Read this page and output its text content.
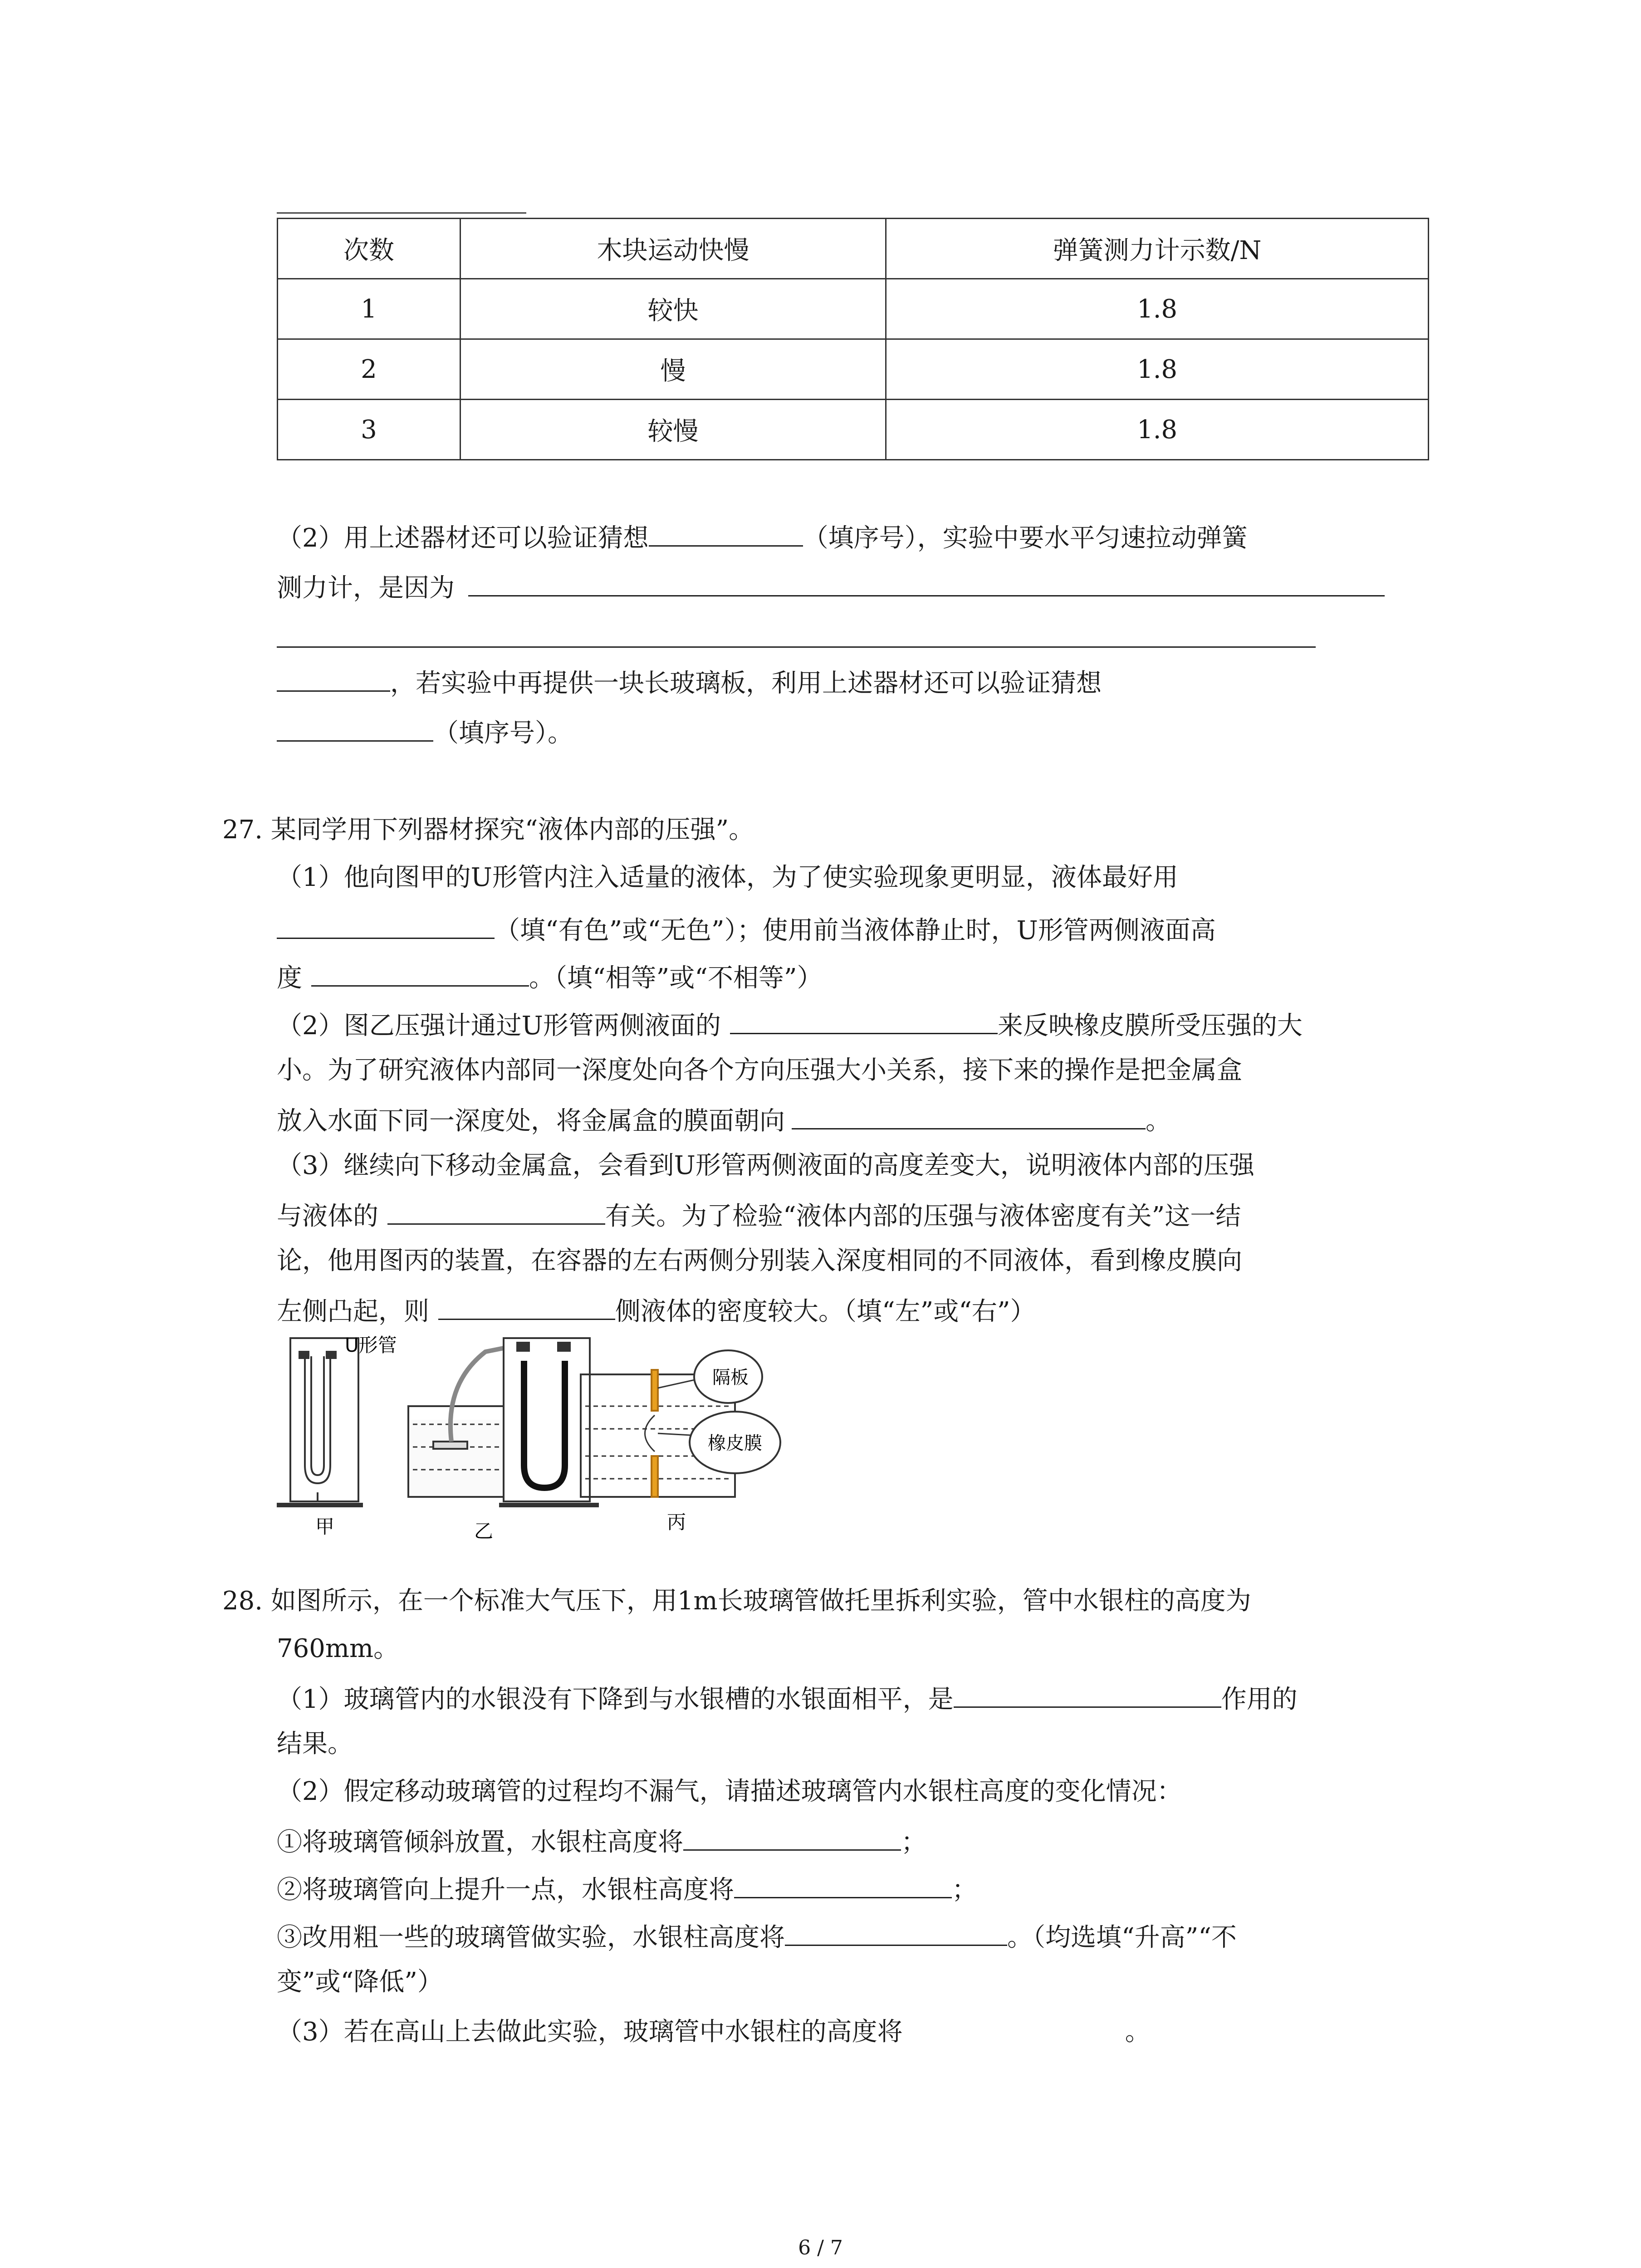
次数	木块运动快慢	弹簧测力计示数/N
1	较快	1.8
2	慢	1.8
3	较慢	1.8
（2）用上述器材还可以验证猜想	（填序号），实验中要水平匀速拉动弹簧
测力计，是因为
，若实验中再提供一块长玻璃板，利用上述器材还可以验证猜想
（填序号）。
27. 某同学用下列器材探究“液体内部的压强”。
（1）他向图甲的U形管内注入适量的液体，为了使实验现象更明显，液体最好用
（填“有色”或“无色”）；使用前当液体静止时，U形管两侧液面高
度	。（填“相等”或“不相等”）
（2）图乙压强计通过U形管两侧液面的	来反映橡皮膜所受压强的大
小。为了研究液体内部同一深度处向各个方向压强大小关系，接下来的操作是把金属盒
放入水面下同一深度处，将金属盒的膜面朝向	。
（3）继续向下移动金属盒，会看到U形管两侧液面的高度差变大，说明液体内部的压强
与液体的	有关。为了检验“液体内部的压强与液体密度有关”这一结
论，他用图丙的装置，在容器的左右两侧分别装入深度相同的不同液体，看到橡皮膜向
左侧凸起，则	侧液体的密度较大。（填“左”或“右”）
U形管
甲	乙
隔板
橡皮膜
丙
28. 如图所示，在一个标准大气压下，用1m长玻璃管做托里拆利实验，管中水银柱的高度为
760mm。
（1）玻璃管内的水银没有下降到与水银槽的水银面相平，是	作用的
结果。
（2）假定移动玻璃管的过程均不漏气，请描述玻璃管内水银柱高度的变化情况：
①将玻璃管倾斜放置，水银柱高度将	；
②将玻璃管向上提升一点，水银柱高度将	；
③改用粗一些的玻璃管做实验，水银柱高度将	。（均选填“升高”“不
变”或“降低”）
（3）若在高山上去做此实验，玻璃管中水银柱的高度将	。
6 / 7
